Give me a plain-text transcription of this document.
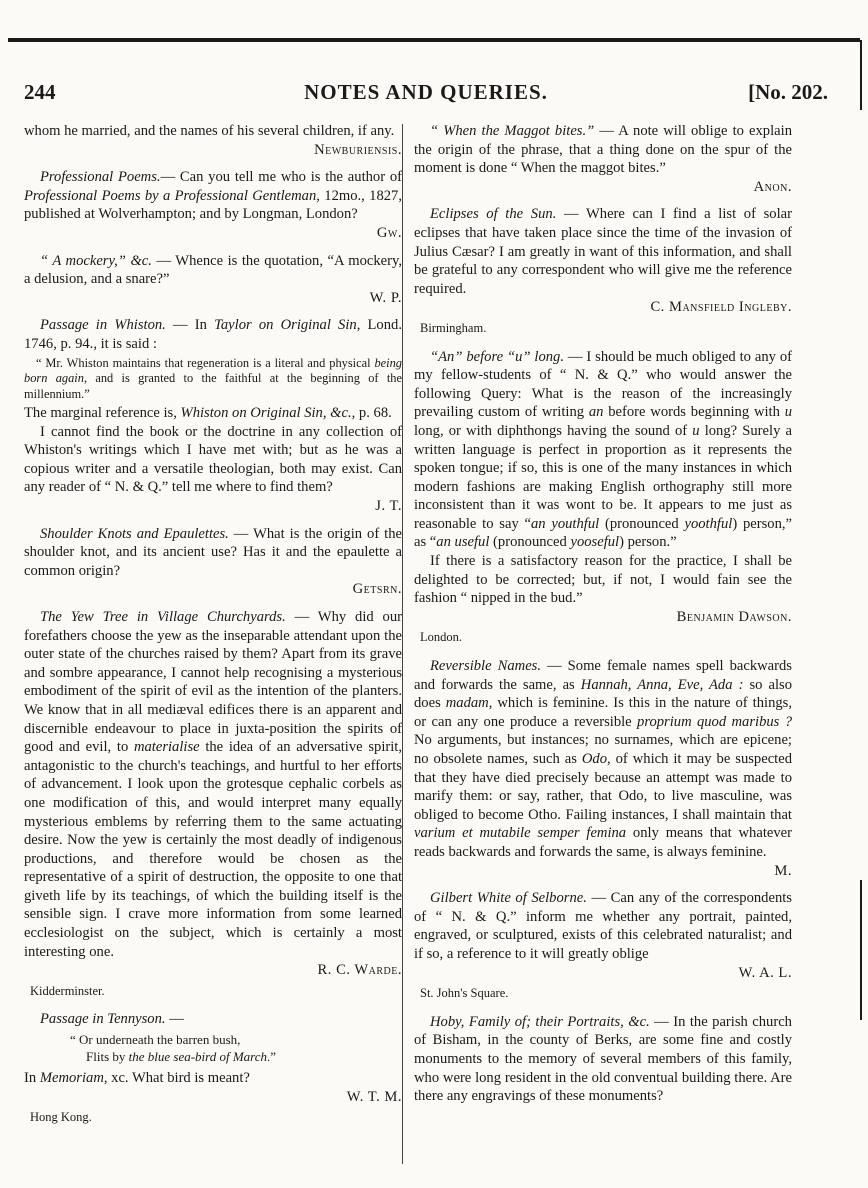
244	NOTES AND QUERIES.	[No. 202.

whom he married, and the names of his several children, if any.
Newburiensis.

Professional Poems.— Can you tell me who is the author of Professional Poems by a Professional Gentleman, 12mo., 1827, published at Wolverhampton; and by Longman, London?
Gw.

“ A mockery,” &c. — Whence is the quotation, “A mockery, a delusion, and a snare?”
W. P.

Passage in Whiston. — In Taylor on Original Sin, Lond. 1746, p. 94., it is said :

“ Mr. Whiston maintains that regeneration is a literal and physical being born again, and is granted to the faithful at the beginning of the millennium.”

The marginal reference is, Whiston on Original Sin, &c., p. 68.

I cannot find the book or the doctrine in any collection of Whiston's writings which I have met with; but as he was a copious writer and a versatile theologian, both may exist. Can any reader of “ N. & Q.” tell me where to find them?
J. T.

Shoulder Knots and Epaulettes. — What is the origin of the shoulder knot, and its ancient use? Has it and the epaulette a common origin?
Getsrn.

The Yew Tree in Village Churchyards. — Why did our forefathers choose the yew as the inseparable attendant upon the outer state of the churches raised by them? Apart from its grave and sombre appearance, I cannot help recognising a mysterious embodiment of the spirit of evil as the intention of the planters. We know that in all mediæval edifices there is an apparent and discernible endeavour to place in juxta-position the spirits of good and evil, to materialise the idea of an adversative spirit, antagonistic to the church's teachings, and hurtful to her efforts of advancement. I look upon the grotesque cephalic corbels as one modification of this, and would interpret many equally mysterious emblems by referring them to the same actuating desire. Now the yew is certainly the most deadly of indigenous productions, and therefore would be chosen as the representative of a spirit of destruction, the opposite to one that giveth life by its teachings, of which the building itself is the sensible sign. I crave more information from some learned ecclesiologist on the subject, which is certainly a most interesting one.
R. C. Warde.

Kidderminster.

Passage in Tennyson. —

“ Or underneath the barren bush,
Flits by the blue sea-bird of March.”

In Memoriam, xc. What bird is meant?
W. T. M.

Hong Kong.

“ When the Maggot bites.” — A note will oblige to explain the origin of the phrase, that a thing done on the spur of the moment is done “ When the maggot bites.”
Anon.

Eclipses of the Sun. — Where can I find a list of solar eclipses that have taken place since the time of the invasion of Julius Cæsar? I am greatly in want of this information, and shall be grateful to any correspondent who will give me the reference required.
C. Mansfield Ingleby.

Birmingham.

“An” before “u” long. — I should be much obliged to any of my fellow-students of “ N. & Q.” who would answer the following Query: What is the reason of the increasingly prevailing custom of writing an before words beginning with u long, or with diphthongs having the sound of u long? Surely a written language is perfect in proportion as it represents the spoken tongue; if so, this is one of the many instances in which modern fashions are making English orthography still more inconsistent than it was wont to be. It appears to me just as reasonable to say “an youthful (pronounced yoothful) person,” as “an useful (pronounced yooseful) person.”

If there is a satisfactory reason for the practice, I shall be delighted to be corrected; but, if not, I would fain see the fashion “ nipped in the bud.”
Benjamin Dawson.

London.

Reversible Names. — Some female names spell backwards and forwards the same, as Hannah, Anna, Eve, Ada : so also does madam, which is feminine. Is this in the nature of things, or can any one produce a reversible proprium quod maribus ? No arguments, but instances; no surnames, which are epicene; no obsolete names, such as Odo, of which it may be suspected that they have died precisely because an attempt was made to marify them: or say, rather, that Odo, to live masculine, was obliged to become Otho. Failing instances, I shall maintain that varium et mutabile semper femina only means that whatever reads backwards and forwards the same, is always feminine.
M.

Gilbert White of Selborne. — Can any of the correspondents of “ N. & Q.” inform me whether any portrait, painted, engraved, or sculptured, exists of this celebrated naturalist; and if so, a reference to it will greatly oblige
W. A. L.

St. John's Square.

Hoby, Family of; their Portraits, &c. — In the parish church of Bisham, in the county of Berks, are some fine and costly monuments to the memory of several members of this family, who were long resident in the old conventual building there. Are there any engravings of these monuments?
